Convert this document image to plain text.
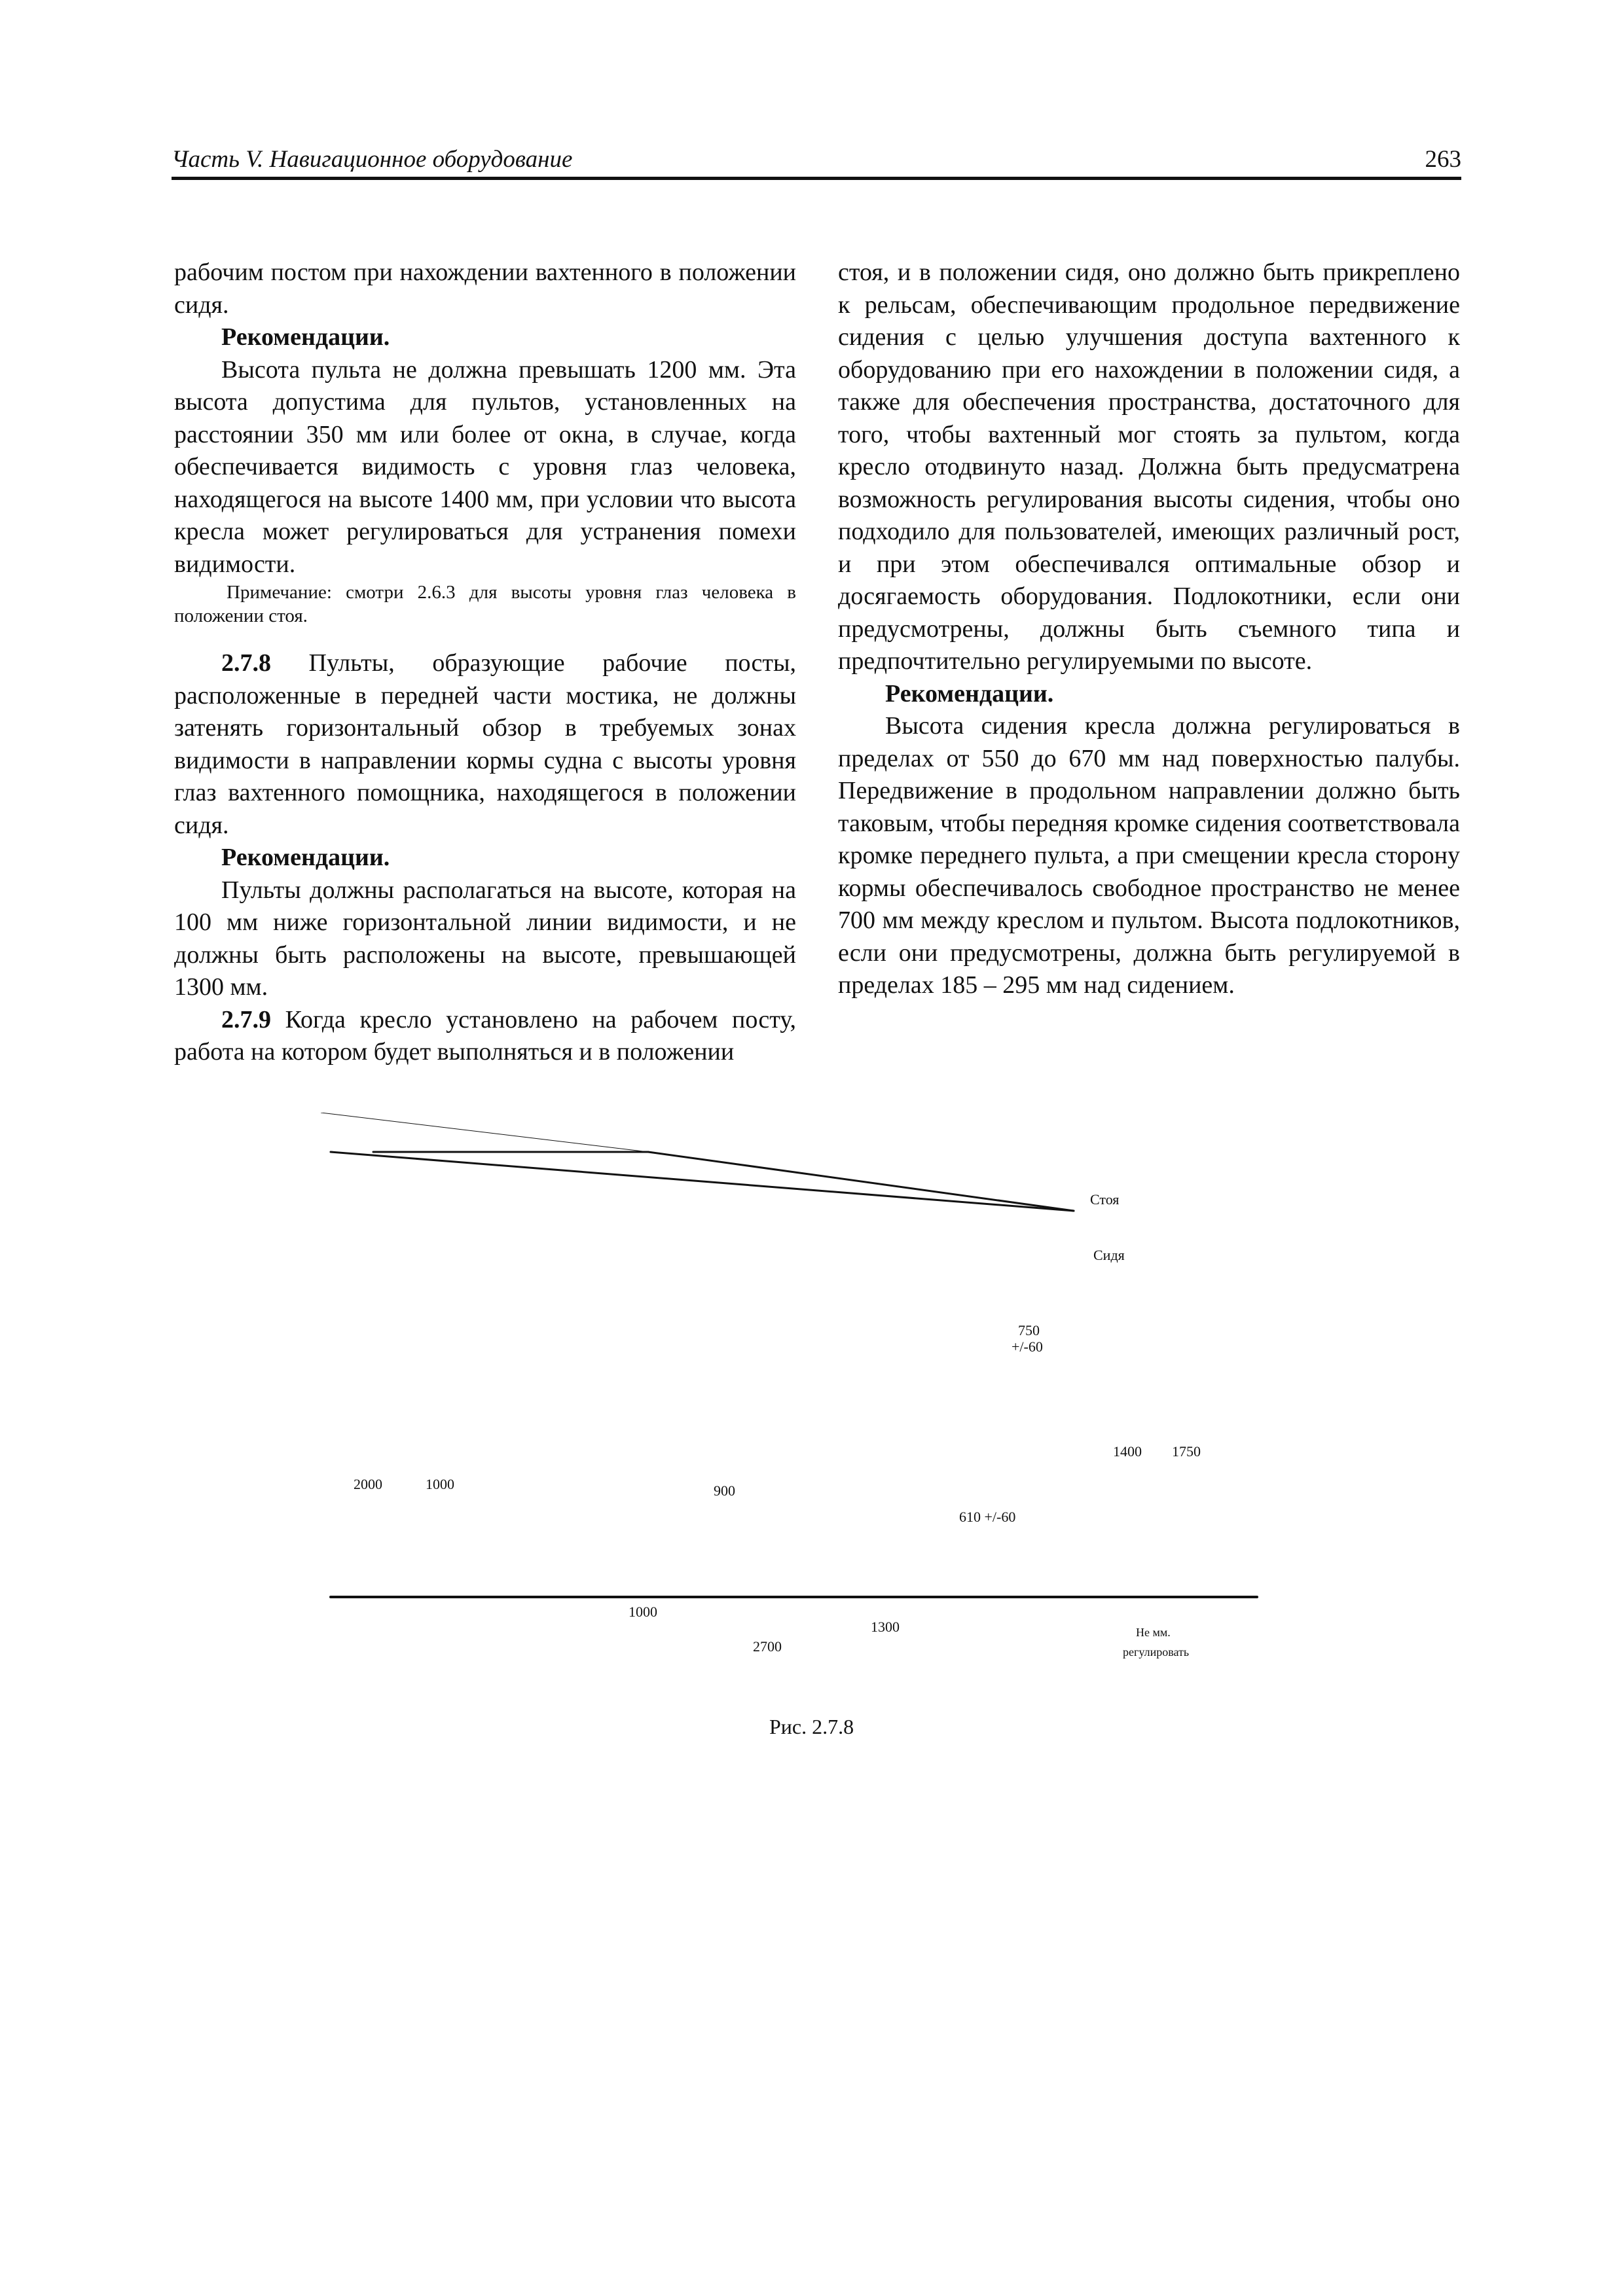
Часть V. Навигационное оборудование	263

рабочим постом при нахождении вахтенного в положении сидя.

Рекомендации.

Высота пульта не должна превышать 1200 мм. Эта высота допустима для пультов, установленных на расстоянии 350 мм или более от окна, в случае, когда обеспечивается видимость с уровня глаз человека, находящегося на высоте 1400 мм, при условии что высота кресла может регулироваться для устранения помехи видимости.

Примечание: смотри 2.6.3 для высоты уровня глаз человека в положении стоя.

2.7.8 Пульты, образующие рабочие посты, расположенные в передней части мостика, не должны затенять горизонтальный обзор в требуемых зонах видимости в направлении кормы судна с высоты уровня глаз вахтенного помощника, находящегося в положении сидя.

Рекомендации.

Пульты должны располагаться на высоте, которая на 100 мм ниже горизонтальной линии видимости, и не должны быть расположены на высоте, превышающей 1300 мм.

2.7.9 Когда кресло установлено на рабочем посту, работа на котором будет выполняться и в положении

стоя, и в положении сидя, оно должно быть прикреплено к рельсам, обеспечивающим продольное передвижение сидения с целью улучшения доступа вахтенного к оборудованию при его нахождении в положении сидя, а также для обеспечения пространства, достаточного для того, чтобы вахтенный мог стоять за пультом, когда кресло отодвинуто назад. Должна быть предусматрена возможность регулирования высоты сидения, чтобы оно подходило для пользователей, имеющих различный рост, и при этом обеспечивался оптимальные обзор и досягаемость оборудования. Подлокотники, если они предусмотрены, должны быть съемного типа и предпочтительно регулируемыми по высоте.

Рекомендации.

Высота сидения кресла должна регулироваться в пределах от 550 до 670 мм над поверхностью палубы. Передвижение в продольном направлении должно быть таковым, чтобы передняя кромке сидения соответствовала кромке переднего пульта, а при смещении кресла сторону кормы обеспечивалось свободное пространство не менее 700 мм между креслом и пультом. Высота подлокотников, если они предусмотрены, должна быть регулируемой в пределах 185 – 295 мм над сидением.

2000	1000	900
750
+/-60
610 +/-60
1400 1750
1000
1300
2700
Стоя
Сидя
Не мм.
регулировать
Рис. 2.7.8
